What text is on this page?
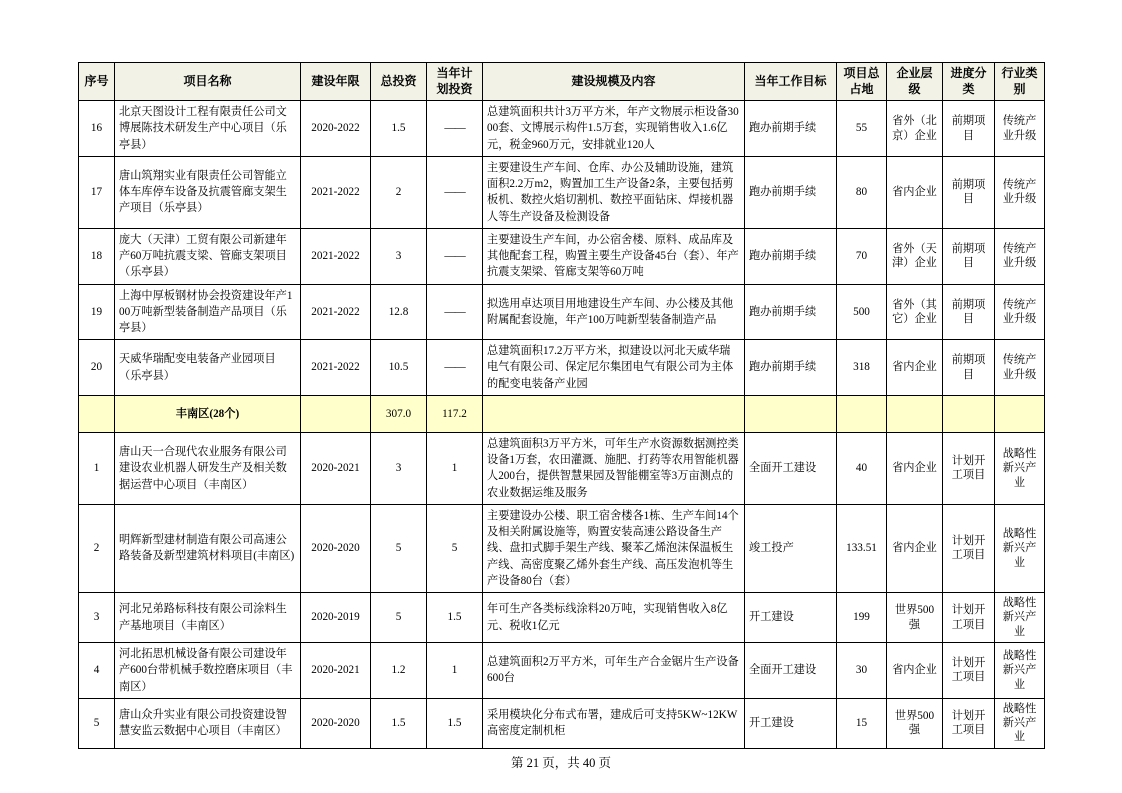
序号	项目名称	建设年限	总投资	当年计划投资	建设规模及内容	当年工作目标	项目总占地	企业层级	进度分类	行业类别
16	北京天图设计工程有限责任公司文博展陈技术研发生产中心项目（乐亭县）	2020-2022	1.5	——	总建筑面积共计3万平方米，年产文物展示柜设备3000套、文博展示构件1.5万套，实现销售收入1.6亿元，税金960万元，安排就业120人	跑办前期手续	55	省外（北京）企业	前期项目	传统产业升级
17	唐山筑翔实业有限责任公司智能立体车库停车设备及抗震管廊支架生产项目（乐亭县）	2021-2022	2	——	主要建设生产车间、仓库、办公及辅助设施，建筑面积2.2万m2，购置加工生产设备2条，主要包括剪板机、数控火焰切割机、数控平面钻床、焊接机器人等生产设备及检测设备	跑办前期手续	80	省内企业	前期项目	传统产业升级
18	庞大（天津）工贸有限公司新建年产60万吨抗震支梁、管廊支架项目（乐亭县）	2021-2022	3	——	主要建设生产车间，办公宿舍楼、原料、成品库及其他配套工程，购置主要生产设备45台（套）、年产抗震支架梁、管廊支架等60万吨	跑办前期手续	70	省外（天津）企业	前期项目	传统产业升级
19	上海中厚板钢材协会投资建设年产100万吨新型装备制造产品项目（乐亭县）	2021-2022	12.8	——	拟选用卓达项目用地建设生产车间、办公楼及其他附属配套设施，年产100万吨新型装备制造产品	跑办前期手续	500	省外（其它）企业	前期项目	传统产业升级
20	天威华瑞配变电装备产业园项目（乐亭县）	2021-2022	10.5	——	总建筑面积17.2万平方米，拟建设以河北天威华瑞电气有限公司、保定尼尔集团电气有限公司为主体的配变电装备产业园	跑办前期手续	318	省内企业	前期项目	传统产业升级
	丰南区(28个)		307.0	117.2						
1	唐山天一合现代农业服务有限公司建设农业机器人研发生产及相关数据运营中心项目（丰南区）	2020-2021	3	1	总建筑面积3万平方米，可年生产水资源数据测控类设备1万套，农田灌溉、施肥、打药等农用智能机器人200台，提供智慧果园及智能棚室等3万亩测点的农业数据运维及服务	全面开工建设	40	省内企业	计划开工项目	战略性新兴产业
2	明辉新型建材制造有限公司高速公路装备及新型建筑材料项目(丰南区)	2020-2020	5	5	主要建设办公楼、职工宿舍楼各1栋、生产车间14个及相关附属设施等，购置安装高速公路设备生产线、盘扣式脚手架生产线、聚苯乙烯泡沫保温板生产线、高密度聚乙烯外套生产线、高压发泡机等生产设备80台（套）	竣工投产	133.51	省内企业	计划开工项目	战略性新兴产业
3	河北兄弟路标科技有限公司涂料生产基地项目（丰南区）	2020-2019	5	1.5	年可生产各类标线涂料20万吨，实现销售收入8亿元、税收1亿元	开工建设	199	世界500强	计划开工项目	战略性新兴产业
4	河北拓思机械设备有限公司建设年产600台带机械手数控磨床项目（丰南区）	2020-2021	1.2	1	总建筑面积2万平方米，可年生产合金锯片生产设备600台	全面开工建设	30	省内企业	计划开工项目	战略性新兴产业
5	唐山众升实业有限公司投资建设智慧安监云数据中心项目（丰南区）	2020-2020	1.5	1.5	采用模块化分布式布署，建成后可支持5KW~12KW高密度定制机柜	开工建设	15	世界500强	计划开工项目	战略性新兴产业
第 21 页，共 40 页
